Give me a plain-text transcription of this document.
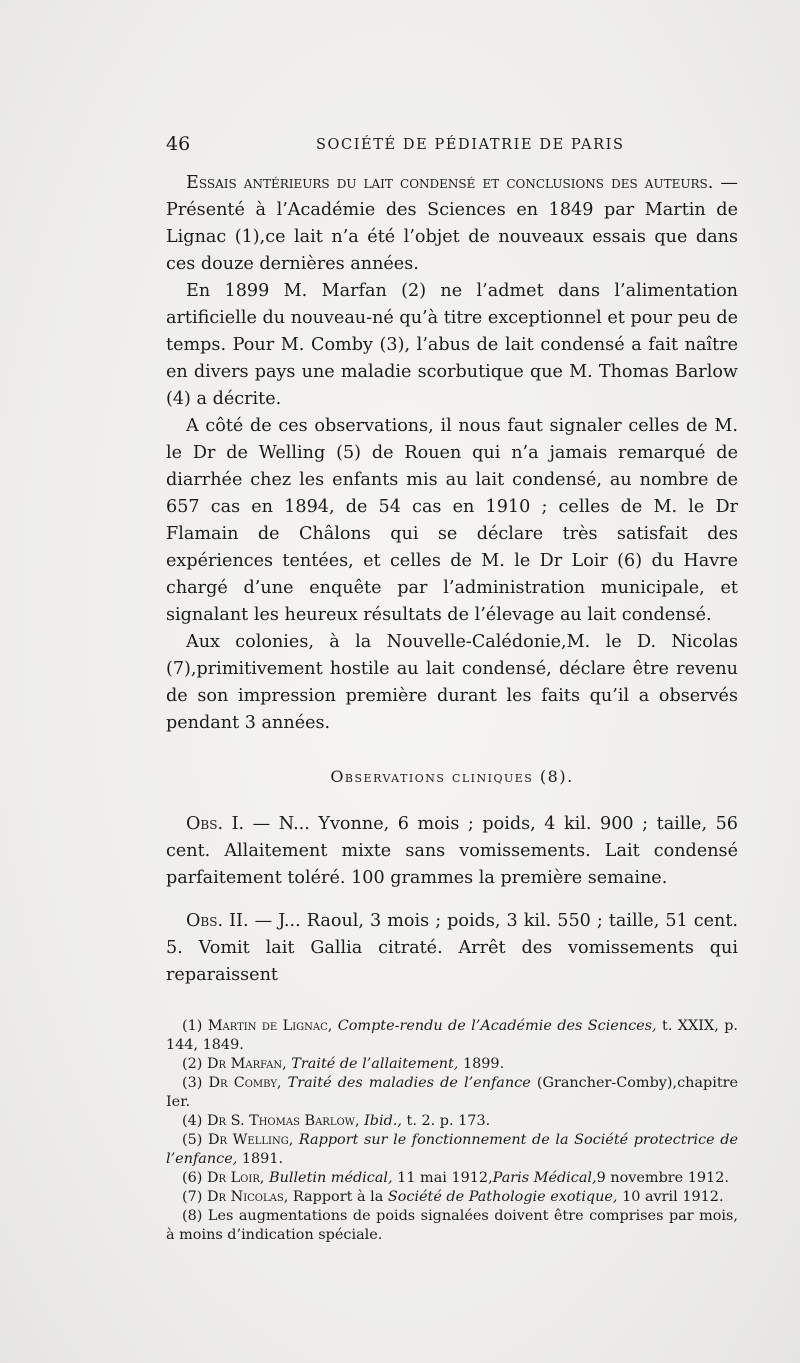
46	SOCIÉTÉ DE PÉDIATRIE DE PARIS

Essais antérieurs du lait condensé et conclusions des auteurs. — Présenté à l’Académie des Sciences en 1849 par Martin de Lignac (1),ce lait n’a été l’objet de nouveaux essais que dans ces douze dernières années.

En 1899 M. Marfan (2) ne l’admet dans l’alimentation artificielle du nouveau-né qu’à titre exceptionnel et pour peu de temps. Pour M. Comby (3), l’abus de lait condensé a fait naître en divers pays une maladie scorbutique que M. Thomas Barlow (4) a décrite.

A côté de ces observations, il nous faut signaler celles de M. le Dr de Welling (5) de Rouen qui n’a jamais remarqué de diarrhée chez les enfants mis au lait condensé, au nombre de 657 cas en 1894, de 54 cas en 1910 ; celles de M. le Dr Flamain de Châlons qui se déclare très satisfait des expériences tentées, et celles de M. le Dr Loir (6) du Havre chargé d’une enquête par l’administration municipale, et signalant les heureux résultats de l’élevage au lait condensé.

Aux colonies, à la Nouvelle-Calédonie,M. le D. Nicolas (7),primitivement hostile au lait condensé, déclare être revenu de son impression première durant les faits qu’il a observés pendant 3 années.

Observations cliniques (8).

Obs. I. — N... Yvonne, 6 mois ; poids, 4 kil. 900 ; taille, 56 cent. Allaitement mixte sans vomissements. Lait condensé parfaitement toléré. 100 grammes la première semaine.

Obs. II. — J... Raoul, 3 mois ; poids, 3 kil. 550 ; taille, 51 cent. 5. Vomit lait Gallia citraté. Arrêt des vomissements qui reparaissent

(1) Martin de Lignac, Compte-rendu de l’Académie des Sciences, t. XXIX, p. 144, 1849.

(2) Dr Marfan, Traité de l’allaitement, 1899.

(3) Dr Comby, Traité des maladies de l’enfance (Grancher-Comby),chapitre Ier.

(4) Dr S. Thomas Barlow, Ibid., t. 2. p. 173.

(5) Dr Welling, Rapport sur le fonctionnement de la Société protectrice de l’enfance, 1891.

(6) Dr Loir, Bulletin médical, 11 mai 1912,Paris Médical,9 novembre 1912.

(7) Dr Nicolas, Rapport à la Société de Pathologie exotique, 10 avril 1912.

(8) Les augmentations de poids signalées doivent être comprises par mois, à moins d’indication spéciale.
